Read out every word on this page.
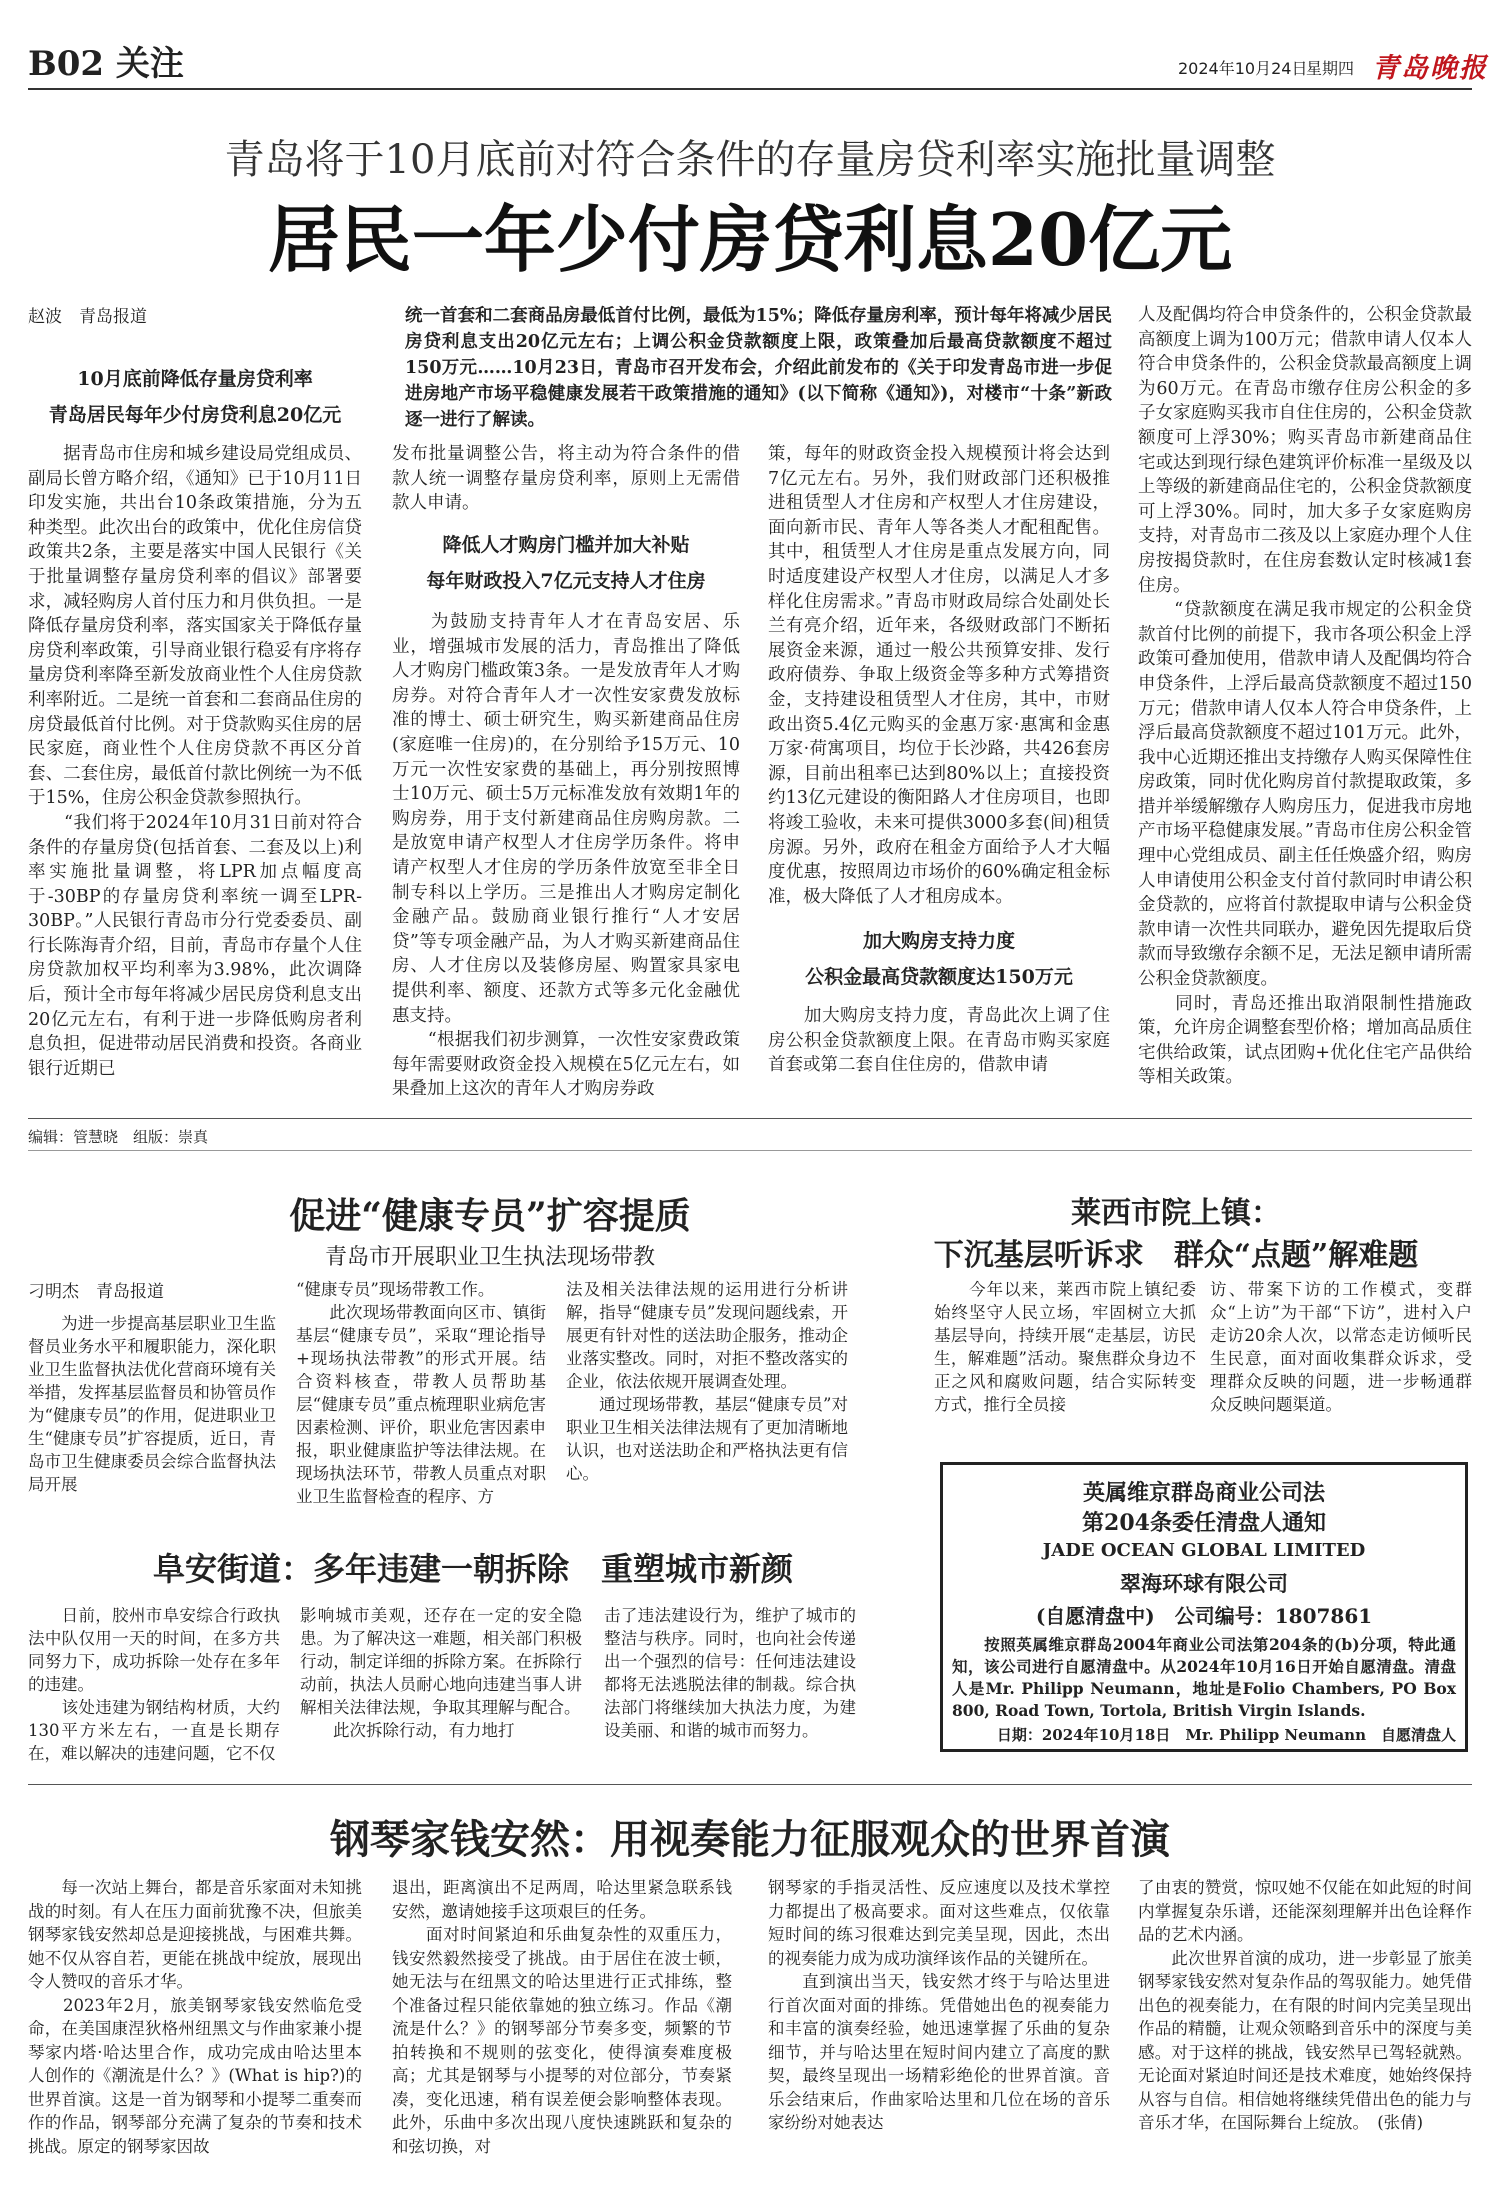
B02 关注	2024年10月24日
星期四 青岛晚报
青岛将于10月底前对符合条件的存量房贷利率实施批量调整
居民一年少付房贷利息20亿元
赵波　青岛报道
10月底前降低存量房贷利率
青岛居民每年少付房贷利息20亿元
统一首套和二套商品房最低首付比例，最低为15%；降低存量房利率，预计每年将减少居民房贷利息支出20亿元左右；上调公积金贷款额度上限，政策叠加后最高贷款额度不超过150万元……10月23日，青岛市召开发布会，介绍此前发布的《关于印发青岛市进一步促进房地产市场平稳健康发展若干政策措施的通知》(以下简称《通知》)，对楼市“十条”新政逐一进行了解读。
　　据青岛市住房和城乡建设局党组成员、副局长曾方略介绍，《通知》已于10月11日印发实施，共出台10条政策措施，分为五种类型。此次出台的政策中，优化住房信贷政策共2条，主要是落实中国人民银行《关于批量调整存量房贷利率的倡议》部署要求，减轻购房人首付压力和月供负担。一是降低存量房贷利率，落实国家关于降低存量房贷利率政策，引导商业银行稳妥有序将存量房贷利率降至新发放商业性个人住房贷款利率附近。二是统一首套和二套商品住房的房贷最低首付比例。对于贷款购买住房的居民家庭，商业性个人住房贷款不再区分首套、二套住房，最低首付款比例统一为不低于15%，住房公积金贷款参照执行。
　　“我们将于2024年10月31日前对符合条件的存量房贷(包括首套、二套及以上)利率实施批量调整，将LPR加点幅度高于-30BP的存量房贷利率统一调至LPR-30BP。”人民银行青岛市分行党委委员、副行长陈海青介绍，目前，青岛市存量个人住房贷款加权平均利率为3.98%，此次调降后，预计全市每年将减少居民房贷利息支出20亿元左右，有利于进一步降低购房者利息负担，促进带动居民消费和投资。各商业银行近期已
发布批量调整公告，将主动为符合条件的借款人统一调整存量房贷利率，原则上无需借款人申请。
降低人才购房门槛并加大补贴
每年财政投入7亿元支持人才住房
　　为鼓励支持青年人才在青岛安居、乐业，增强城市发展的活力，青岛推出了降低人才购房门槛政策3条。一是发放青年人才购房券。对符合青年人才一次性安家费发放标准的博士、硕士研究生，购买新建商品住房(家庭唯一住房)的，在分别给予15万元、10万元一次性安家费的基础上，再分别按照博士10万元、硕士5万元标准发放有效期1年的购房券，用于支付新建商品住房购房款。二是放宽申请产权型人才住房学历条件。将申请产权型人才住房的学历条件放宽至非全日制专科以上学历。三是推出人才购房定制化金融产品。鼓励商业银行推行“人才安居贷”等专项金融产品，为人才购买新建商品住房、人才住房以及装修房屋、购置家具家电提供利率、额度、还款方式等多元化金融优惠支持。
　　“根据我们初步测算，一次性安家费政策每年需要财政资金投入规模在5亿元左右，如果叠加上这次的青年人才购房券政
策，每年的财政资金投入规模预计将会达到7亿元左右。另外，我们财政部门还积极推进租赁型人才住房和产权型人才住房建设，面向新市民、青年人等各类人才配租配售。其中，租赁型人才住房是重点发展方向，同时适度建设产权型人才住房，以满足人才多样化住房需求。”青岛市财政局综合处副处长兰有亮介绍，近年来，各级财政部门不断拓展资金来源，通过一般公共预算安排、发行政府债券、争取上级资金等多种方式筹措资金，支持建设租赁型人才住房，其中，市财政出资5.4亿元购买的金惠万家·惠寓和金惠万家·荷寓项目，均位于长沙路，共426套房源，目前出租率已达到80%以上；直接投资约13亿元建设的衡阳路人才住房项目，也即将竣工验收，未来可提供3000多套(间)租赁房源。另外，政府在租金方面给予人才大幅度优惠，按照周边市场价的60%确定租金标准，极大降低了人才租房成本。
加大购房支持力度
公积金最高贷款额度达150万元
　　加大购房支持力度，青岛此次上调了住房公积金贷款额度上限。在青岛市购买家庭首套或第二套自住住房的，借款申请
人及配偶均符合申贷条件的，公积金贷款最高额度上调为100万元；借款申请人仅本人符合申贷条件的，公积金贷款最高额度上调为60万元。在青岛市缴存住房公积金的多子女家庭购买我市自住住房的，公积金贷款额度可上浮30%；购买青岛市新建商品住宅或达到现行绿色建筑评价标准一星级及以上等级的新建商品住宅的，公积金贷款额度可上浮30%。同时，加大多子女家庭购房支持，对青岛市二孩及以上家庭办理个人住房按揭贷款时，在住房套数认定时核减1套住房。
　　“贷款额度在满足我市规定的公积金贷款首付比例的前提下，我市各项公积金上浮政策可叠加使用，借款申请人及配偶均符合申贷条件，上浮后最高贷款额度不超过150万元；借款申请人仅本人符合申贷条件，上浮后最高贷款额度不超过101万元。此外，我中心近期还推出支持缴存人购买保障性住房政策，同时优化购房首付款提取政策，多措并举缓解缴存人购房压力，促进我市房地产市场平稳健康发展。”青岛市住房公积金管理中心党组成员、副主任任焕盛介绍，购房人申请使用公积金支付首付款同时申请公积金贷款的，应将首付款提取申请与公积金贷款申请一次性共同联办，避免因先提取后贷款而导致缴存余额不足，无法足额申请所需公积金贷款额度。
　　同时，青岛还推出取消限制性措施政策，允许房企调整套型价格；增加高品质住宅供给政策，试点团购+优化住宅产品供给等相关政策。
编辑：管慧晓　组版：崇真
促进“健康专员”扩容提质
青岛市开展职业卫生执法现场带教
刁明杰　青岛报道
　　为进一步提高基层职业卫生监督员业务水平和履职能力，深化职业卫生监督执法优化营商环境有关举措，发挥基层监督员和协管员作为“健康专员”的作用，促进职业卫生“健康专员”扩容提质，近日，青岛市卫生健康委员会综合监督执法局开展
“健康专员”现场带教工作。
　　此次现场带教面向区市、镇街基层“健康专员”，采取“理论指导+现场执法带教”的形式开展。结合资料核查，带教人员帮助基层“健康专员”重点梳理职业病危害因素检测、评价，职业危害因素申报，职业健康监护等法律法规。在现场执法环节，带教人员重点对职业卫生监督检查的程序、方
法及相关法律法规的运用进行分析讲解，指导“健康专员”发现问题线索，开展更有针对性的送法助企服务，推动企业落实整改。同时，对拒不整改落实的企业，依法依规开展调查处理。
　　通过现场带教，基层“健康专员”对职业卫生相关法律法规有了更加清晰地认识，也对送法助企和严格执法更有信心。
莱西市院上镇：
下沉基层听诉求　群众“点题”解难题
　　今年以来，莱西市院上镇纪委始终坚守人民立场，牢固树立大抓基层导向，持续开展“走基层，访民生，解难题”活动。聚焦群众身边不正之风和腐败问题，结合实际转变方式，推行全员接
访、带案下访的工作模式，变群众“上访”为干部“下访”，进村入户走访20余人次，以常态走访倾听民生民意，面对面收集群众诉求，受理群众反映的问题，进一步畅通群众反映问题渠道。
英属维京群岛商业公司法
第204条委任清盘人通知
JADE OCEAN GLOBAL LIMITED
翠海环球有限公司
(自愿清盘中)　公司编号：1807861
　　按照英属维京群岛2004年商业公司法第204条的(b)分项，特此通知，该公司进行自愿清盘中。从2024年10月16日开始自愿清盘。清盘人是Mr. Philipp Neumann，地址是Folio Chambers, PO Box 800, Road Town, Tortola, British Virgin Islands.
日期：2024年10月18日　Mr. Philipp Neumann　自愿清盘人
阜安街道：多年违建一朝拆除　重塑城市新颜
　　日前，胶州市阜安综合行政执法中队仅用一天的时间，在多方共同努力下，成功拆除一处存在多年的违建。
　　该处违建为钢结构材质，大约130平方米左右，一直是长期存在，难以解决的违建问题，它不仅
影响城市美观，还存在一定的安全隐患。为了解决这一难题，相关部门积极行动，制定详细的拆除方案。在拆除行动前，执法人员耐心地向违建当事人讲解相关法律法规，争取其理解与配合。
　　此次拆除行动，有力地打
击了违法建设行为，维护了城市的整洁与秩序。同时，也向社会传递出一个强烈的信号：任何违法建设都将无法逃脱法律的制裁。综合执法部门将继续加大执法力度，为建设美丽、和谐的城市而努力。
钢琴家钱安然：用视奏能力征服观众的世界首演
　　每一次站上舞台，都是音乐家面对未知挑战的时刻。有人在压力面前犹豫不决，但旅美钢琴家钱安然却总是迎接挑战，与困难共舞。她不仅从容自若，更能在挑战中绽放，展现出令人赞叹的音乐才华。
　　2023年2月，旅美钢琴家钱安然临危受命，在美国康涅狄格州纽黑文与作曲家兼小提琴家内塔·哈达里合作，成功完成由哈达里本人创作的《潮流是什么？》(What is hip?)的世界首演。这是一首为钢琴和小提琴二重奏而作的作品，钢琴部分充满了复杂的节奏和技术挑战。原定的钢琴家因故
退出，距离演出不足两周，哈达里紧急联系钱安然，邀请她接手这项艰巨的任务。
　　面对时间紧迫和乐曲复杂性的双重压力，钱安然毅然接受了挑战。由于居住在波士顿，她无法与在纽黑文的哈达里进行正式排练，整个准备过程只能依靠她的独立练习。作品《潮流是什么？》的钢琴部分节奏多变，频繁的节拍转换和不规则的弦变化，使得演奏难度极高；尤其是钢琴与小提琴的对位部分，节奏紧凑，变化迅速，稍有误差便会影响整体表现。此外，乐曲中多次出现八度快速跳跃和复杂的和弦切换，对
钢琴家的手指灵活性、反应速度以及技术掌控力都提出了极高要求。面对这些难点，仅依靠短时间的练习很难达到完美呈现，因此，杰出的视奏能力成为成功演绎该作品的关键所在。
　　直到演出当天，钱安然才终于与哈达里进行首次面对面的排练。凭借她出色的视奏能力和丰富的演奏经验，她迅速掌握了乐曲的复杂细节，并与哈达里在短时间内建立了高度的默契，最终呈现出一场精彩绝伦的世界首演。音乐会结束后，作曲家哈达里和几位在场的音乐家纷纷对她表达
了由衷的赞赏，惊叹她不仅能在如此短的时间内掌握复杂乐谱，还能深刻理解并出色诠释作品的艺术内涵。
　　此次世界首演的成功，进一步彰显了旅美钢琴家钱安然对复杂作品的驾驭能力。她凭借出色的视奏能力，在有限的时间内完美呈现出作品的精髓，让观众领略到音乐中的深度与美感。对于这样的挑战，钱安然早已驾轻就熟。无论面对紧迫时间还是技术难度，她始终保持从容与自信。相信她将继续凭借出色的能力与音乐才华，在国际舞台上绽放。　(张倩)
